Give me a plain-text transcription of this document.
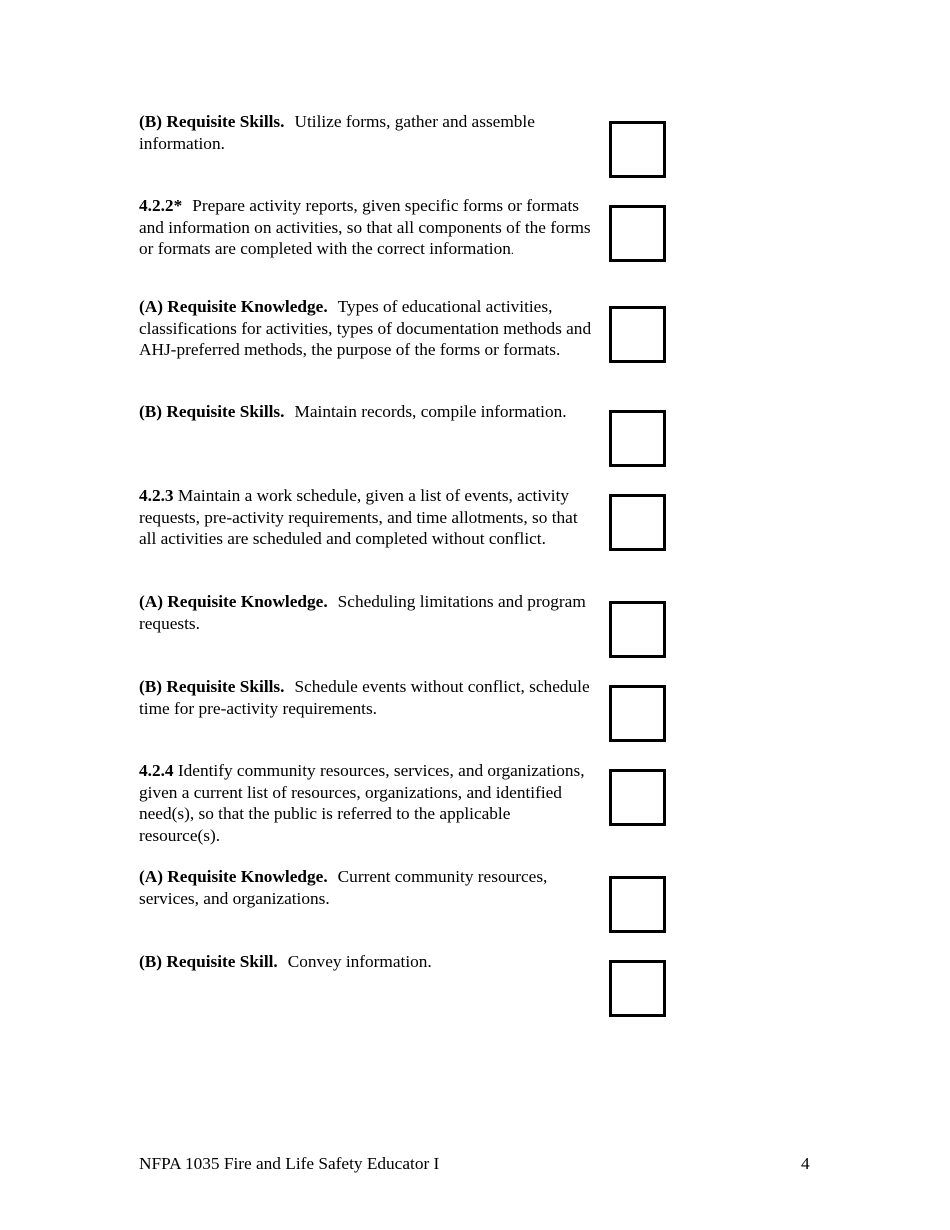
(B) Requisite Skills. Utilize forms, gather and assemble information.
4.2.2* Prepare activity reports, given specific forms or formats and information on activities, so that all components of the forms or formats are completed with the correct information.
(A) Requisite Knowledge. Types of educational activities, classifications for activities, types of documentation methods and AHJ-preferred methods, the purpose of the forms or formats.
(B) Requisite Skills. Maintain records, compile information.
4.2.3 Maintain a work schedule, given a list of events, activity requests, pre-activity requirements, and time allotments, so that all activities are scheduled and completed without conflict.
(A) Requisite Knowledge. Scheduling limitations and program requests.
(B) Requisite Skills. Schedule events without conflict, schedule time for pre-activity requirements.
4.2.4 Identify community resources, services, and organizations, given a current list of resources, organizations, and identified need(s), so that the public is referred to the applicable resource(s).
(A) Requisite Knowledge. Current community resources, services, and organizations.
(B) Requisite Skill. Convey information.
NFPA 1035 Fire and Life Safety Educator I	4
